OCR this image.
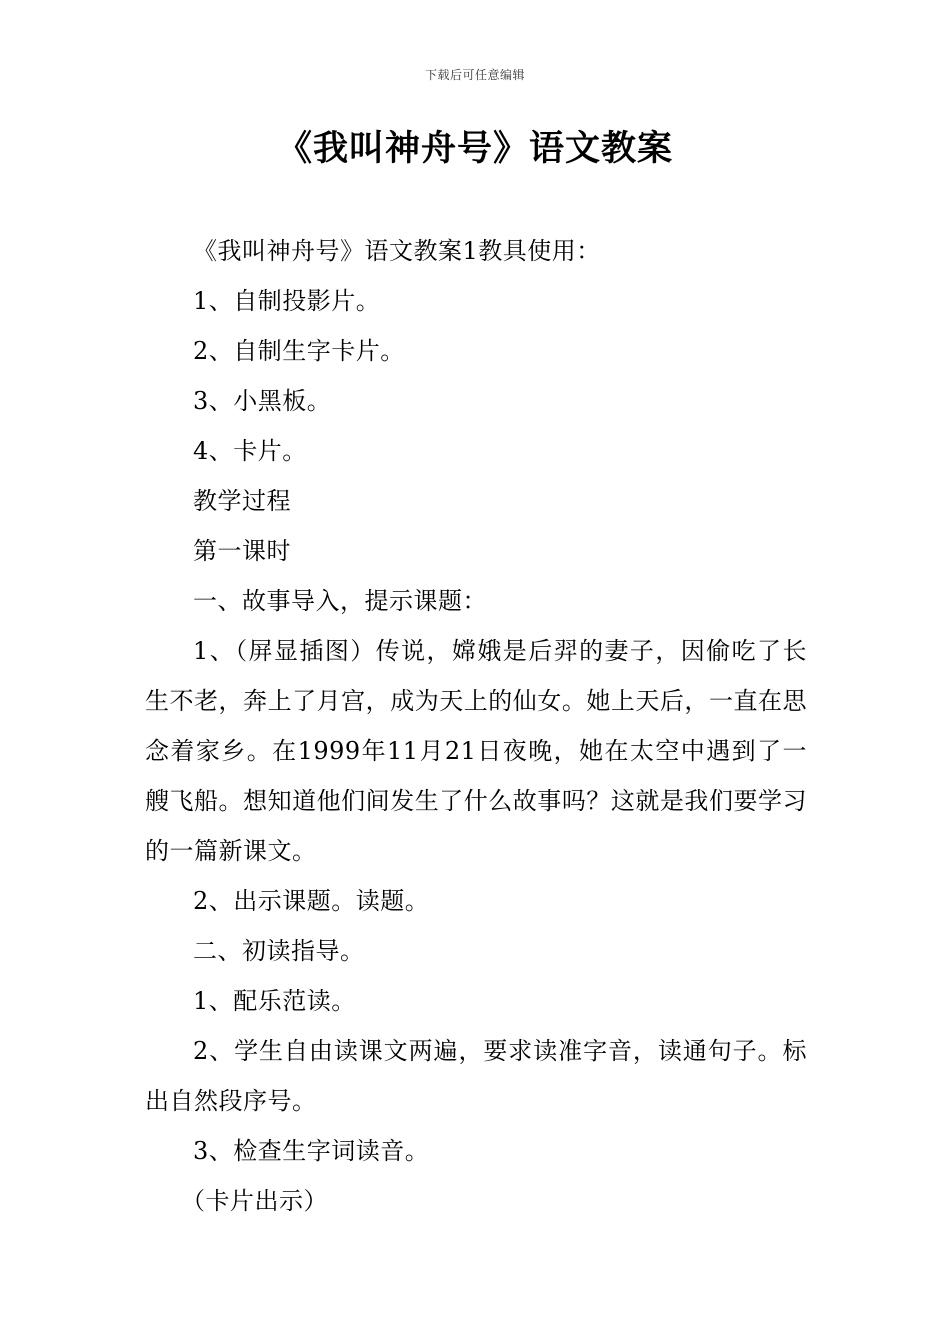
下载后可任意编辑
《我叫神舟号》语文教案

《我叫神舟号》语文教案1教具使用：

1、自制投影片。

2、自制生字卡片。

3、小黑板。

4、卡片。

教学过程

第一课时

一、故事导入，提示课题：

1、（屏显插图）传说，嫦娥是后羿的妻子，因偷吃了长生不老，奔上了月宫，成为天上的仙女。她上天后，一直在思念着家乡。在1999年11月21日夜晚，她在太空中遇到了一艘飞船。想知道他们间发生了什么故事吗？这就是我们要学习的一篇新课文。

2、出示课题。读题。

二、初读指导。

1、配乐范读。

2、学生自由读课文两遍，要求读准字音，读通句子。标出自然段序号。

3、检查生字词读音。

（卡片出示）
